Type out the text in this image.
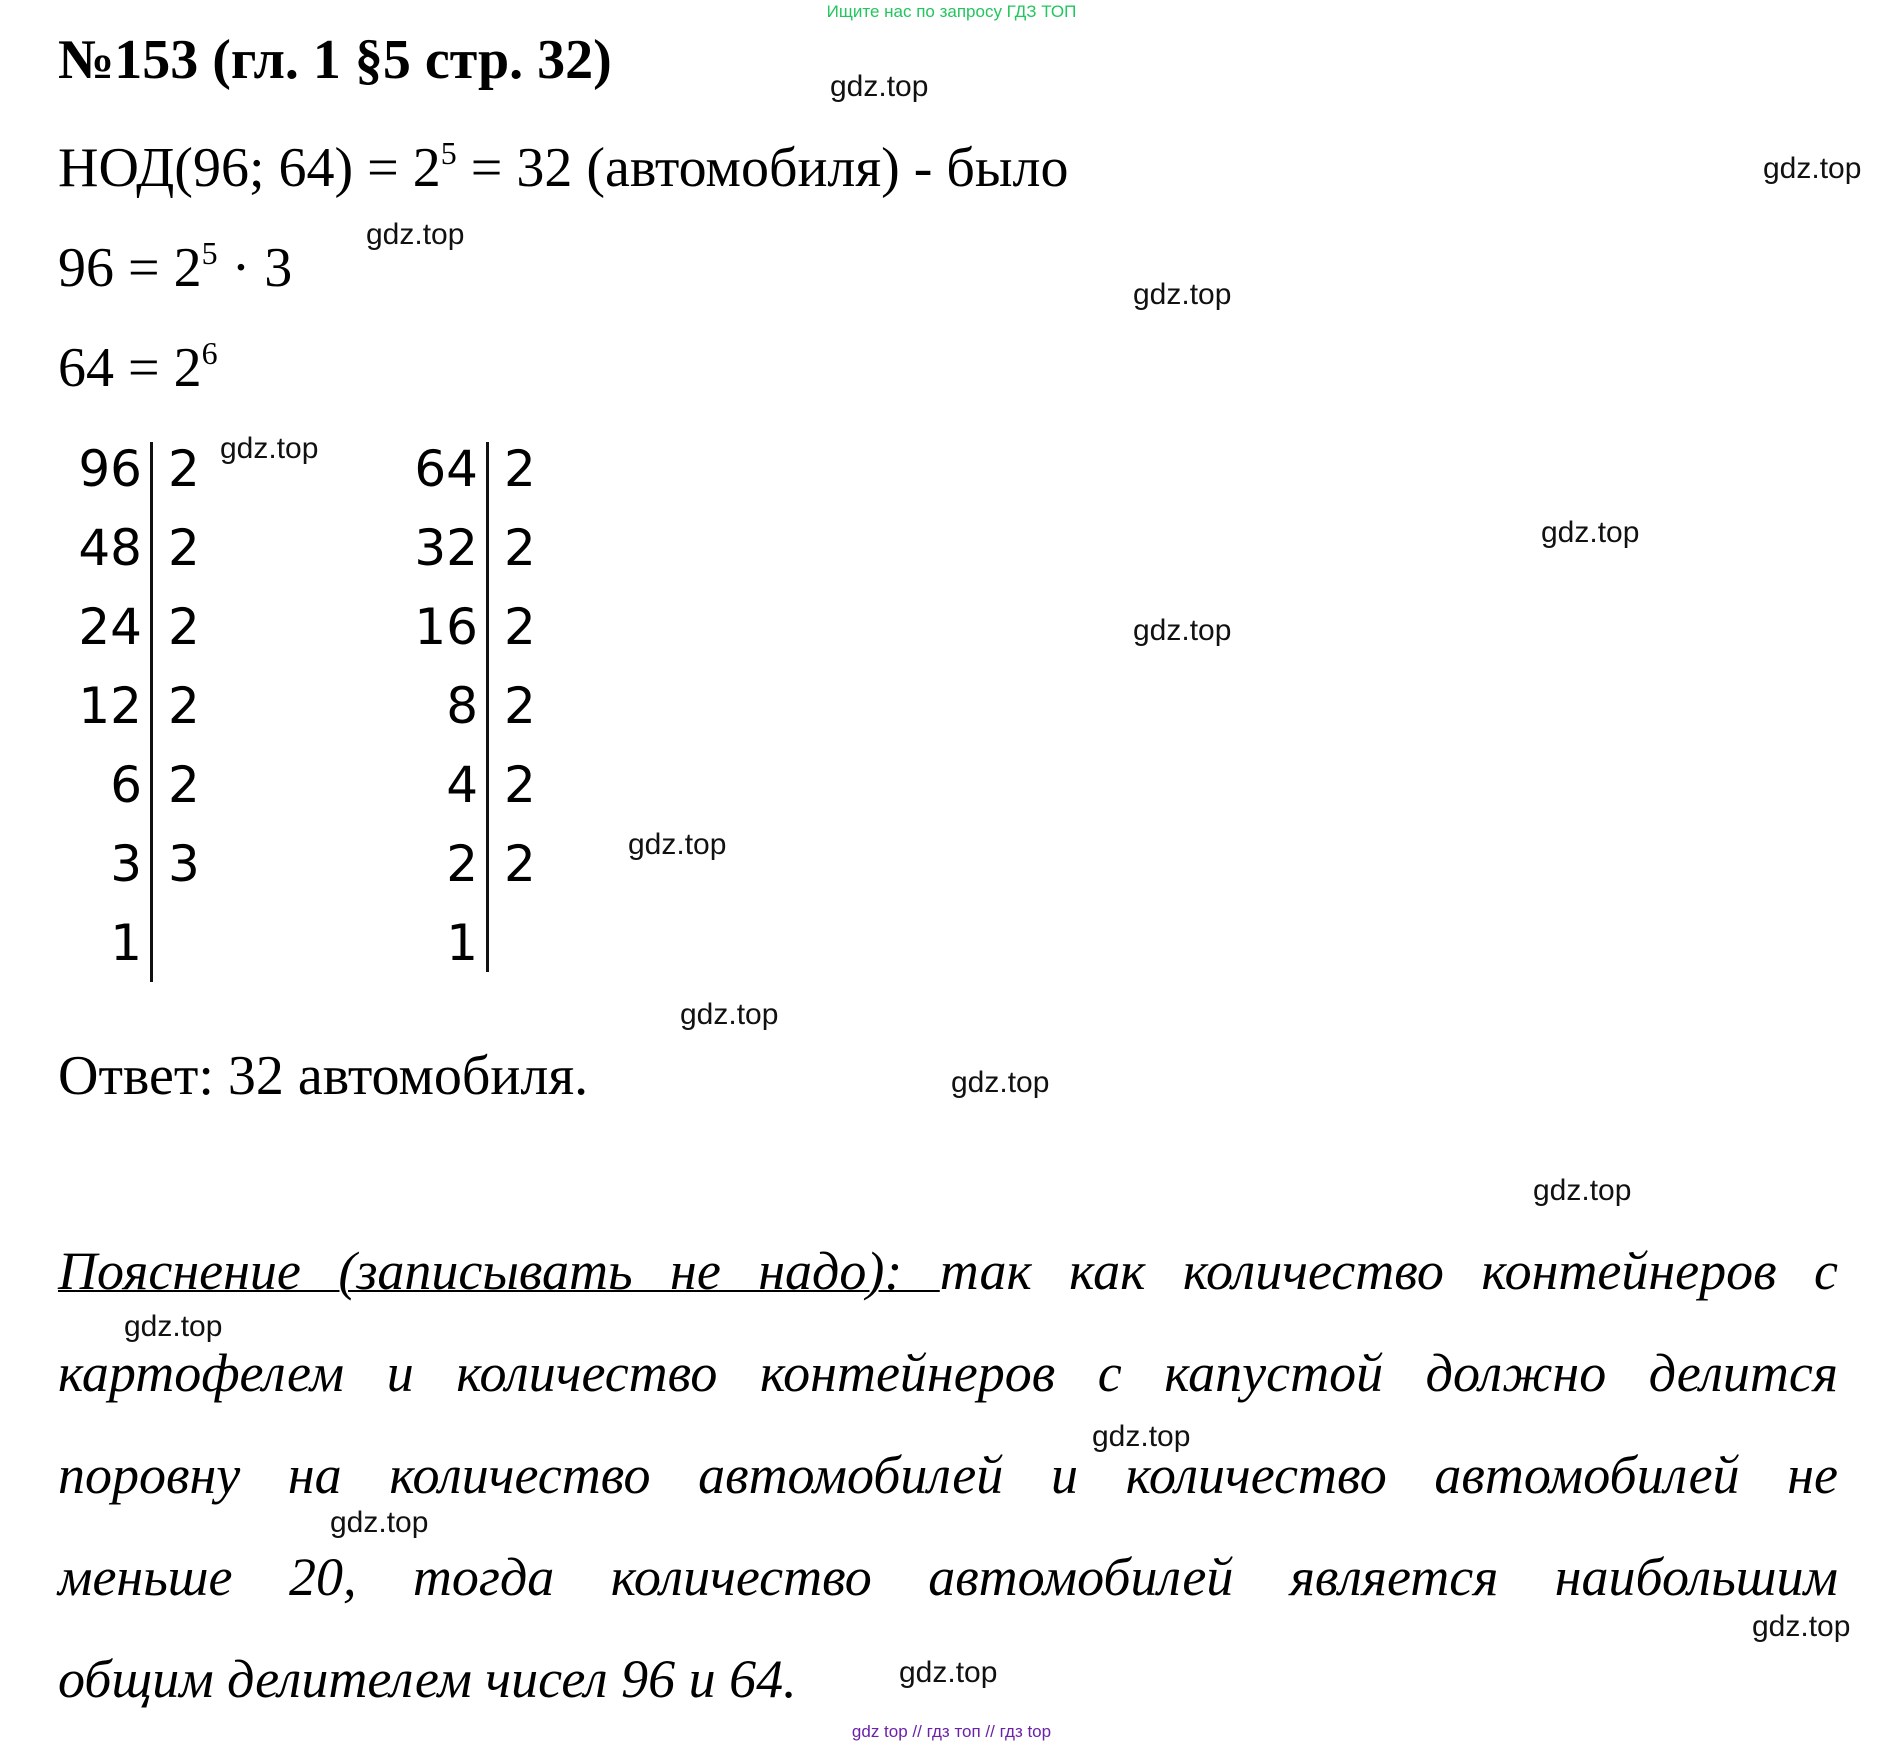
Ищите нас по запросу ГДЗ ТОП
№153 (гл. 1 §5 стр. 32)
НОД(96; $64) = 2^5 = 32$ (автомобиля) - было
$96 = 2^5 \cdot 3$
$64 = 2^6$
96
48
24
12
6
3
1
2
2
2
2
2
3
64
32
16
8
4
2
1
2
2
2
2
2
2
Ответ: 32 автомобиля.
Пояснение (записывать не надо): так как количество контейнеров с
картофелем и количество контейнеров с капустой должно делится
поровну на количество автомобилей и количество автомобилей не
меньше 20, тогда количество автомобилей является наибольшим
общим делителем чисел 96 и 64.
gdz.top
gdz.top
gdz.top
gdz.top
gdz.top
gdz.top
gdz.top
gdz.top
gdz.top
gdz.top
gdz.top
gdz.top
gdz.top
gdz.top
gdz.top
gdz.top
gdz top // гдз топ // гдз top
